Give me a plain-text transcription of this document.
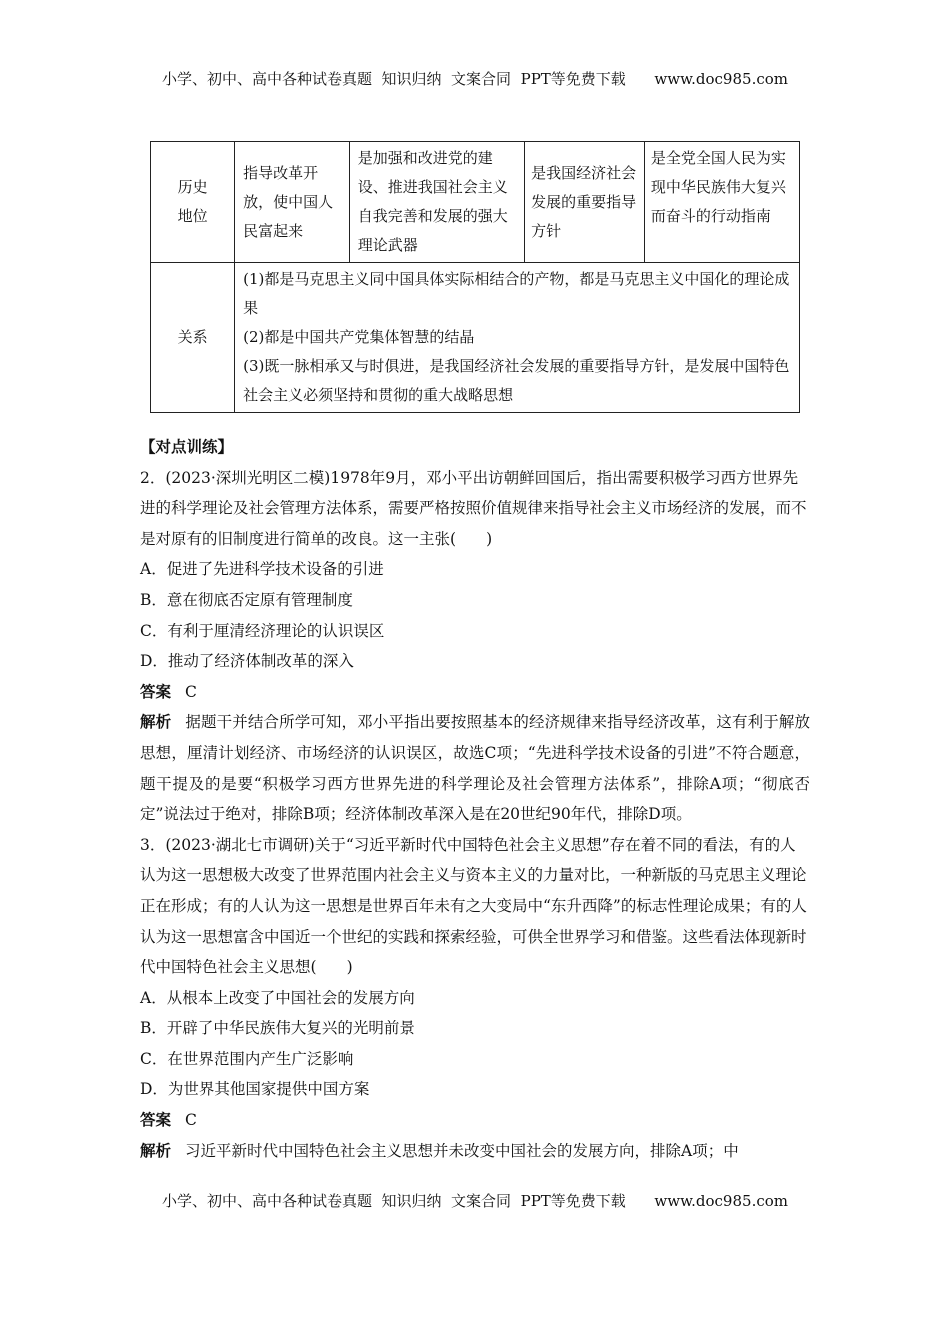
小学、初中、高中各种试卷真题  知识归纳  文案合同  PPT等免费下载      www.doc985.com
历史
地位	指导改革开放，使中国人民富起来	是加强和改进党的建设、推进我国社会主义自我完善和发展的强大理论武器	是我国经济社会发展的重要指导方针	是全党全国人民为实现中华民族伟大复兴而奋斗的行动指南
关系	(1)都是马克思主义同中国具体实际相结合的产物，都是马克思主义中国化的理论成果
(2)都是中国共产党集体智慧的结晶
(3)既一脉相承又与时俱进，是我国经济社会发展的重要指导方针，是发展中国特色社会主义必须坚持和贯彻的重大战略思想			

【对点训练】

2．(2023·深圳光明区二模)1978年9月，邓小平出访朝鲜回国后，指出需要积极学习西方世界先进的科学理论及社会管理方法体系，需要严格按照价值规律来指导社会主义市场经济的发展，而不是对原有的旧制度进行简单的改良。这一主张( )

A．促进了先进科学技术设备的引进

B．意在彻底否定原有管理制度

C．有利于厘清经济理论的认识误区

D．推动了经济体制改革的深入

答案 C

解析 据题干并结合所学可知，邓小平指出要按照基本的经济规律来指导经济改革，这有利于解放思想，厘清计划经济、市场经济的认识误区，故选C项；“先进科学技术设备的引进”不符合题意，题干提及的是要“积极学习西方世界先进的科学理论及社会管理方法体系”，排除A项；“彻底否定”说法过于绝对，排除B项；经济体制改革深入是在20世纪90年代，排除D项。

3．(2023·湖北七市调研)关于“习近平新时代中国特色社会主义思想”存在着不同的看法，有的人认为这一思想极大改变了世界范围内社会主义与资本主义的力量对比，一种新版的马克思主义理论正在形成；有的人认为这一思想是世界百年未有之大变局中“东升西降”的标志性理论成果；有的人认为这一思想富含中国近一个世纪的实践和探索经验，可供全世界学习和借鉴。这些看法体现新时代中国特色社会主义思想( )

A．从根本上改变了中国社会的发展方向

B．开辟了中华民族伟大复兴的光明前景

C．在世界范围内产生广泛影响

D．为世界其他国家提供中国方案

答案 C

解析 习近平新时代中国特色社会主义思想并未改变中国社会的发展方向，排除A项；中

小学、初中、高中各种试卷真题  知识归纳  文案合同  PPT等免费下载      www.doc985.com
